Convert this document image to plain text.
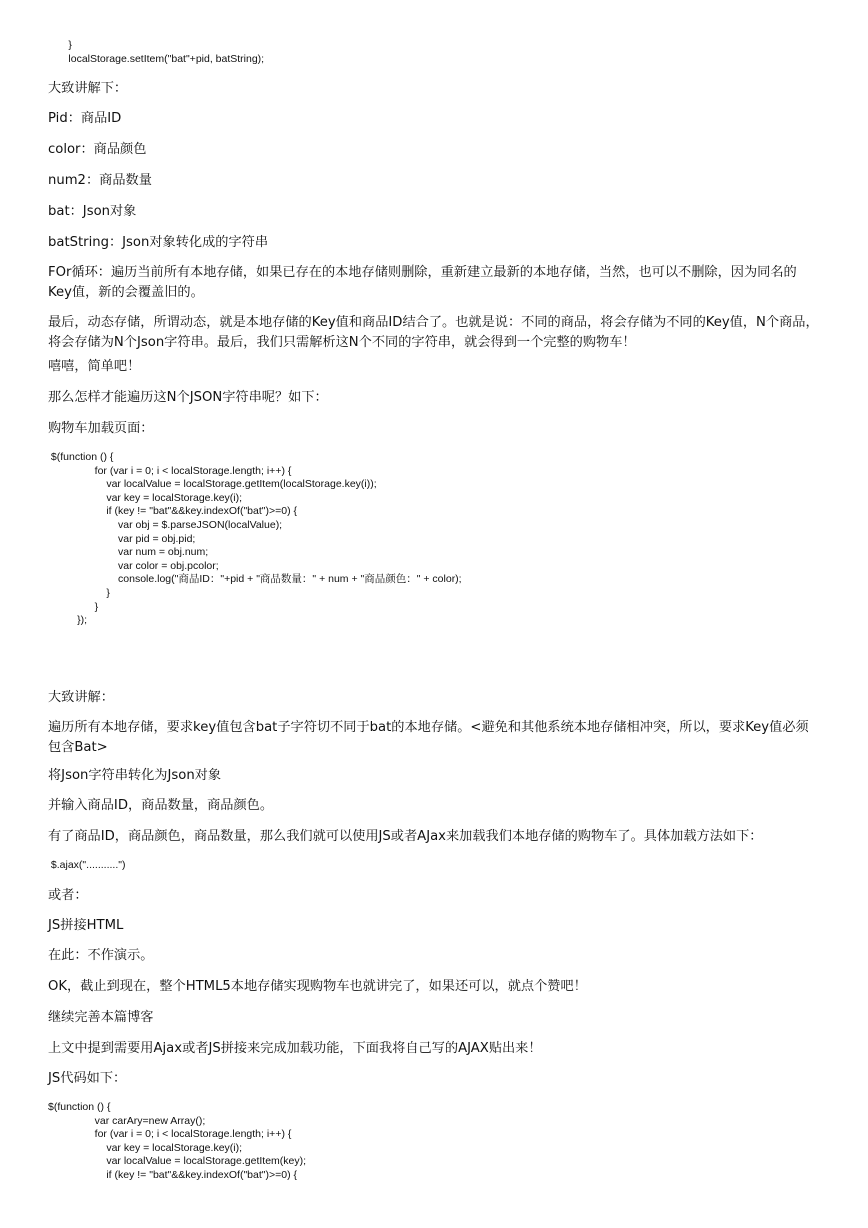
}
localStorage.setItem("bat"+pid, batString);

大致讲解下：

Pid：商品ID

color：商品颜色

num2：商品数量

bat：Json对象

batString：Json对象转化成的字符串

FOr循环：遍历当前所有本地存储，如果已存在的本地存储则删除，重新建立最新的本地存储，当然，也可以不删除，因为同名的Key值，新的会覆盖旧的。

最后，动态存储，所谓动态，就是本地存储的Key值和商品ID结合了。也就是说：不同的商品，将会存储为不同的Key值，N个商品，将会存储为N个Json字符串。最后，我们只需解析这N个不同的字符串，就会得到一个完整的购物车！

嘻嘻，简单吧！

那么怎样才能遍历这N个JSON字符串呢？如下：

购物车加载页面：

$(function () {
for (var i = 0; i < localStorage.length; i++) {
var localValue = localStorage.getItem(localStorage.key(i));
var key = localStorage.key(i);
if (key != "bat"&&key.indexOf("bat")>=0) {
var obj = $.parseJSON(localValue);
var pid = obj.pid;
var num = obj.num;
var color = obj.pcolor;
console.log("商品ID："+pid + "商品数量：" + num + "商品颜色：" + color);
}
}
});

大致讲解：

遍历所有本地存储，要求key值包含bat子字符切不同于bat的本地存储。<避免和其他系统本地存储相冲突，所以，要求Key值必须包含Bat>

将Json字符串转化为Json对象

并输入商品ID，商品数量，商品颜色。

有了商品ID，商品颜色，商品数量，那么我们就可以使用JS或者AJax来加载我们本地存储的购物车了。具体加载方法如下：

$.ajax("...........")

或者：

JS拼接HTML

在此：不作演示。

OK，截止到现在，整个HTML5本地存储实现购物车也就讲完了，如果还可以，就点个赞吧！

继续完善本篇博客

上文中提到需要用Ajax或者JS拼接来完成加载功能，下面我将自己写的AJAX贴出来！

JS代码如下：

$(function () {
var carAry=new Array();
for (var i = 0; i < localStorage.length; i++) {
var key = localStorage.key(i);
var localValue = localStorage.getItem(key);
if (key != "bat"&&key.indexOf("bat")>=0) {
